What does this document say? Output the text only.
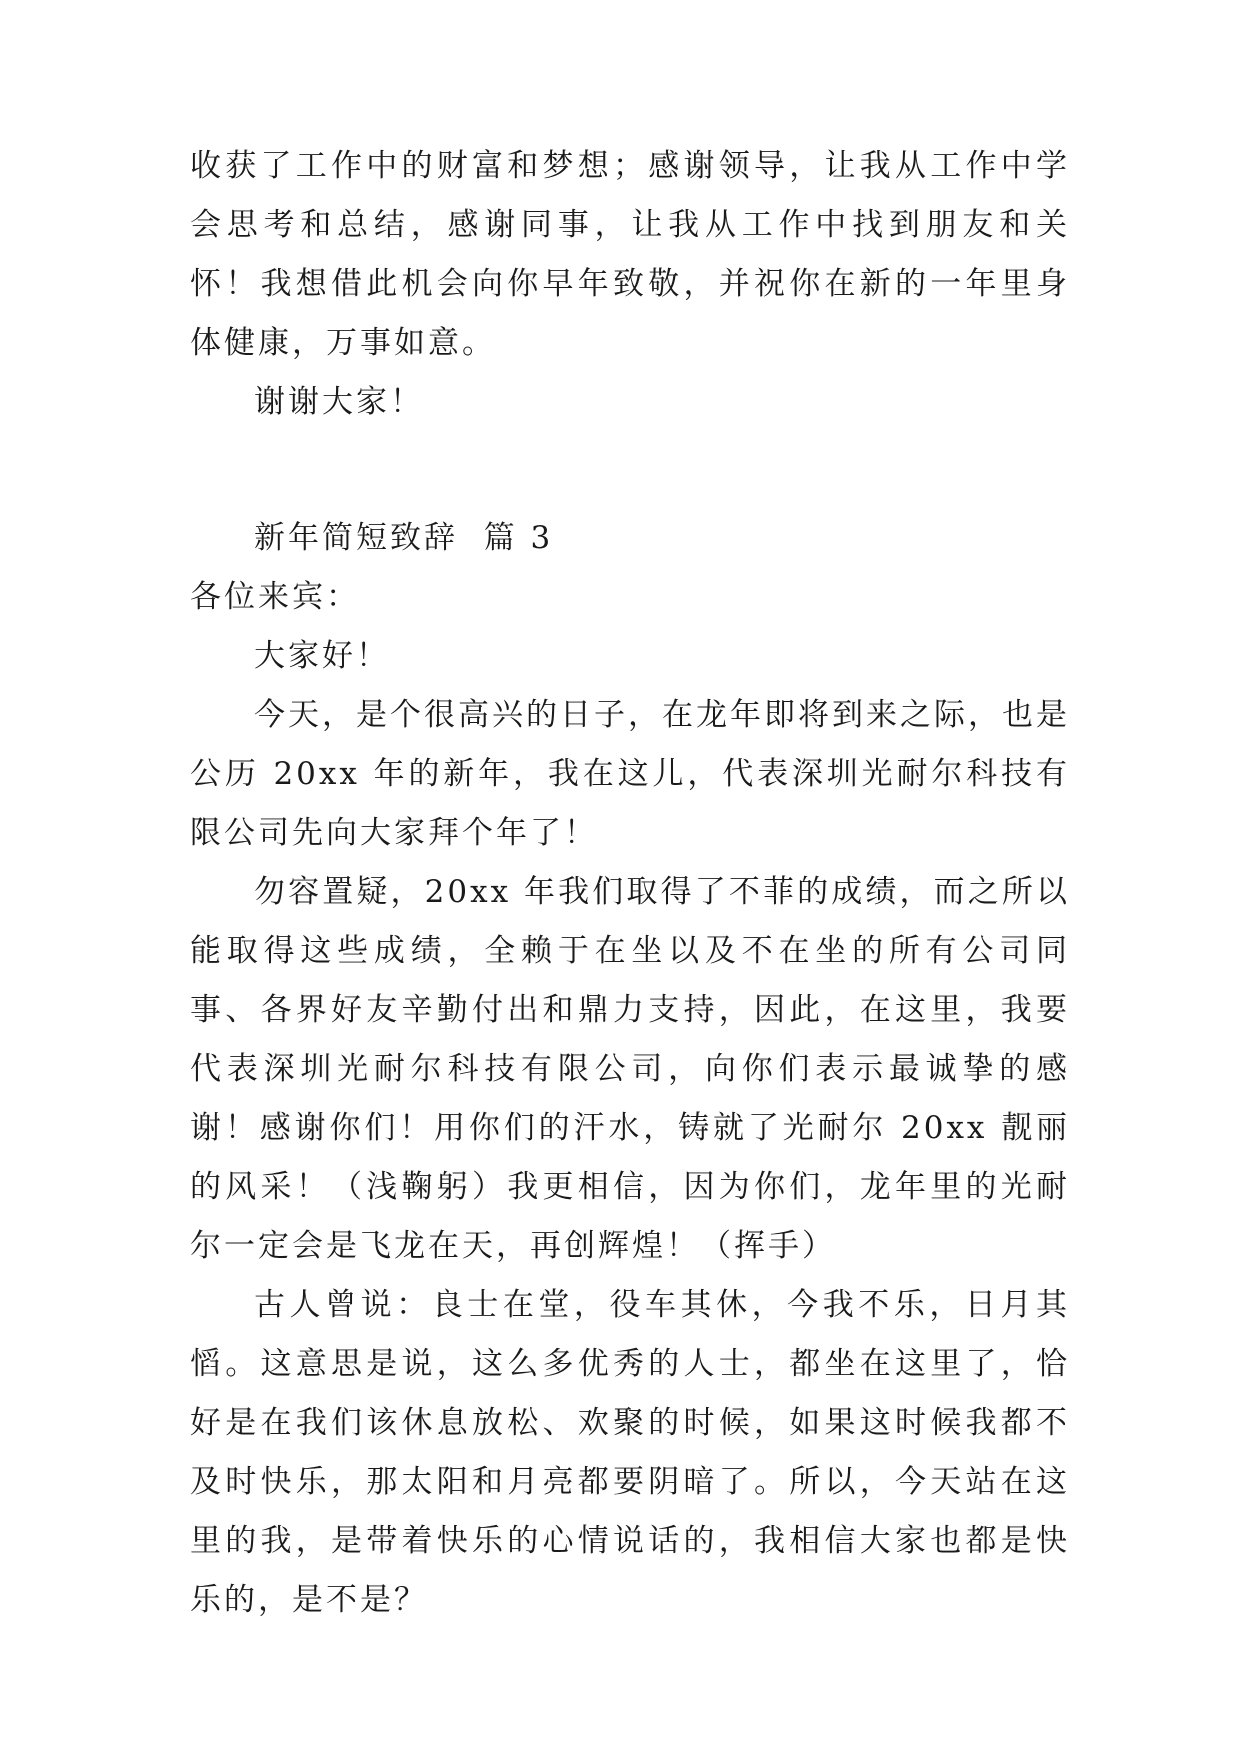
收获了工作中的财富和梦想；感谢领导，让我从工作中学会思考和总结，感谢同事，让我从工作中找到朋友和关怀！我想借此机会向你早年致敬，并祝你在新的一年里身体健康，万事如意。

谢谢大家！

新年简短致辞  篇 3

各位来宾：

大家好！

今天，是个很高兴的日子，在龙年即将到来之际，也是公历 20xx 年的新年，我在这儿，代表深圳光耐尔科技有限公司先向大家拜个年了！

勿容置疑，20xx 年我们取得了不菲的成绩，而之所以能取得这些成绩，全赖于在坐以及不在坐的所有公司同事、各界好友辛勤付出和鼎力支持，因此，在这里，我要代表深圳光耐尔科技有限公司，向你们表示最诚挚的感谢！感谢你们！用你们的汗水，铸就了光耐尔 20xx 靓丽的风采！（浅鞠躬）我更相信，因为你们，龙年里的光耐尔一定会是飞龙在天，再创辉煌！（挥手）

古人曾说：良士在堂，役车其休，今我不乐，日月其慆。这意思是说，这么多优秀的人士，都坐在这里了，恰好是在我们该休息放松、欢聚的时候，如果这时候我都不及时快乐，那太阳和月亮都要阴暗了。所以，今天站在这里的我，是带着快乐的心情说话的，我相信大家也都是快乐的，是不是？
